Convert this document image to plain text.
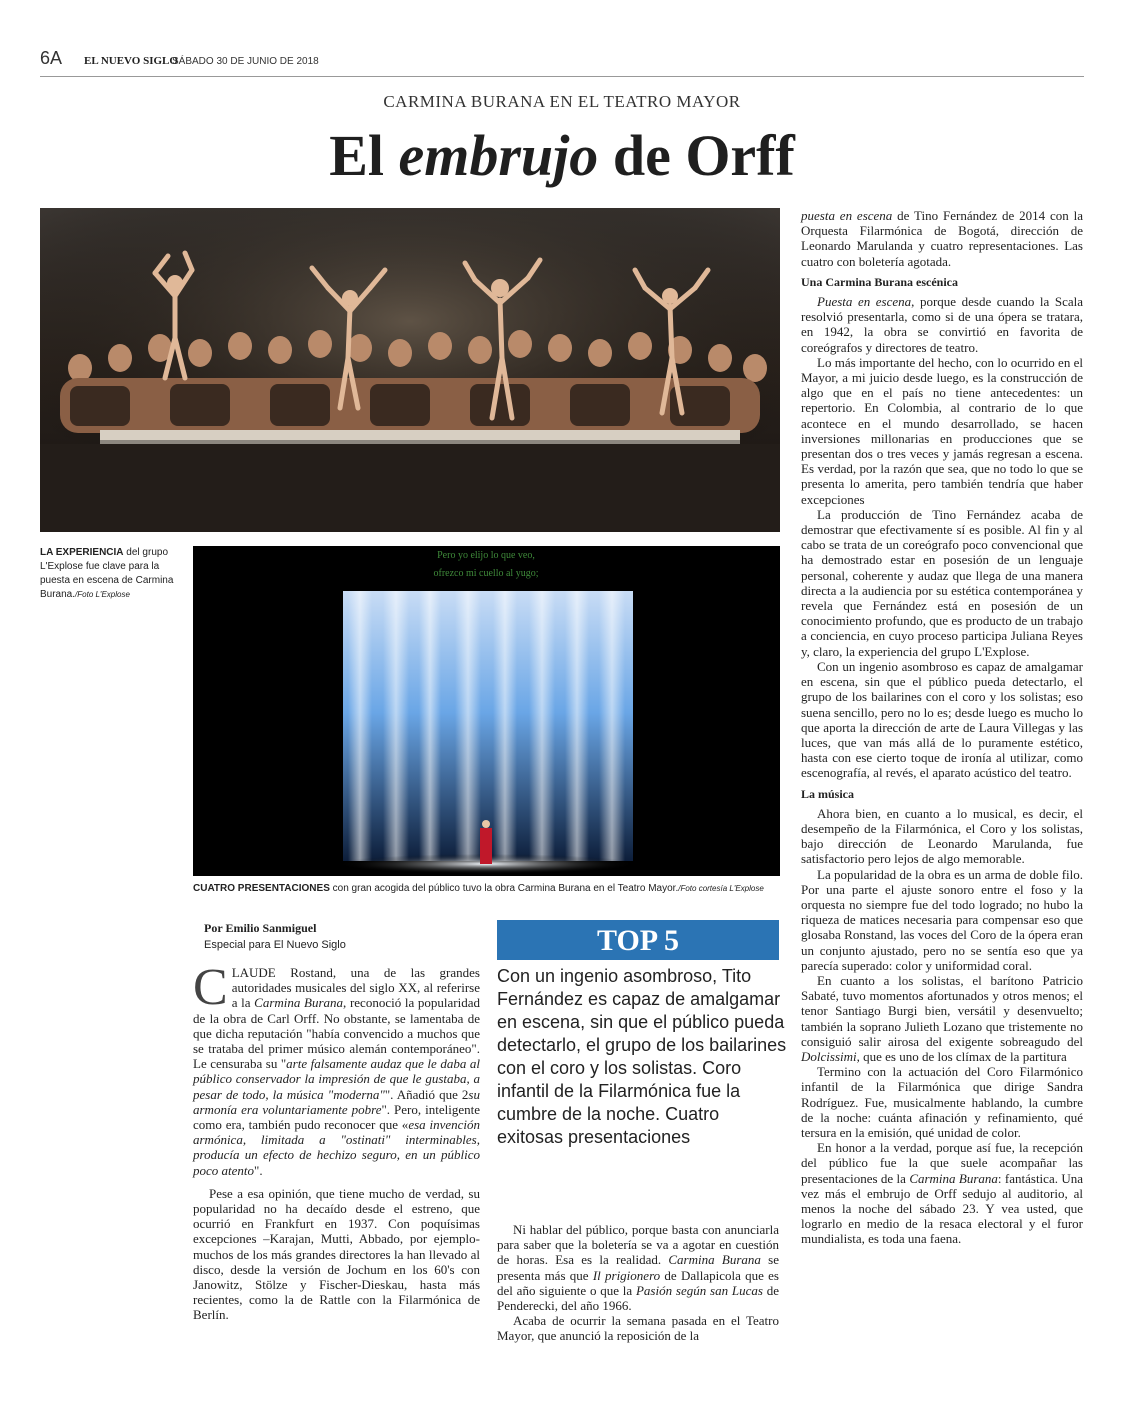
6A EL NUEVO SIGLO
SÁBADO 30 DE JUNIO DE 2018
CARMINA BURANA EN EL TEATRO MAYOR
El embrujo de Orff
LA EXPERIENCIA del grupo L'Explose fue clave para la puesta en escena de Carmina Burana./Foto L'Explose
Pero yo elijo lo que veo,
ofrezco mi cuello al yugo;
CUATRO PRESENTACIONES con gran acogida del público tuvo la obra Carmina Burana en el Teatro Mayor./Foto cortesía L'Explose
Por Emilio Sanmiguel
Especial para El Nuevo Siglo

CLAUDE Rostand, una de las grandes autoridades musicales del siglo XX, al referirse a la Carmina Burana, reconoció la popularidad de la obra de Carl Orff. No obstante, se lamentaba de que dicha reputación "había convencido a muchos que se trataba del primer músico alemán contemporáneo". Le censuraba su "arte falsamente audaz que le daba al público conservador la impresión de que le gustaba, a pesar de todo, la música "moderna"". Añadió que 2su armonía era voluntariamente pobre". Pero, inteligente como era, también pudo reconocer que «esa invención armónica, limitada a "ostinati" interminables, producía un efecto de hechizo seguro, en un público poco atento".

Pese a esa opinión, que tiene mucho de verdad, su popularidad no ha decaído desde el estreno, que ocurrió en Frankfurt en 1937. Con poquísimas excepciones –Karajan, Mutti, Abbado, por ejemplo- muchos de los más grandes directores la han llevado al disco, desde la versión de Jochum en los 60's con Janowitz, Stölze y Fischer-Dieskau, hasta más recientes, como la de Rattle con la Filarmónica de Berlín.

TOP 5
Con un ingenio asombroso, Tito Fernández es capaz de amalgamar en escena, sin que el público pueda detectarlo, el grupo de los bailarines con el coro y los solistas. Coro infantil de la Filarmónica fue la cumbre de la noche. Cuatro exitosas presentaciones

Ni hablar del público, porque basta con anunciarla para saber que la boletería se va a agotar en cuestión de horas. Esa es la realidad. Carmina Burana se presenta más que Il prigionero de Dallapicola que es del año siguiente o que la Pasión según san Lucas de Penderecki, del año 1966.

Acaba de ocurrir la semana pasada en el Teatro Mayor, que anunció la reposición de la

puesta en escena de Tino Fernández de 2014 con la Orquesta Filarmónica de Bogotá, dirección de Leonardo Marulanda y cuatro representaciones. Las cuatro con boletería agotada.

Una Carmina Burana escénica

Puesta en escena, porque desde cuando la Scala resolvió presentarla, como si de una ópera se tratara, en 1942, la obra se convirtió en favorita de coreógrafos y directores de teatro.

Lo más importante del hecho, con lo ocurrido en el Mayor, a mi juicio desde luego, es la construcción de algo que en el país no tiene antecedentes: un repertorio. En Colombia, al contrario de lo que acontece en el mundo desarrollado, se hacen inversiones millonarias en producciones que se presentan dos o tres veces y jamás regresan a escena. Es verdad, por la razón que sea, que no todo lo que se presenta lo amerita, pero también tendría que haber excepciones

La producción de Tino Fernández acaba de demostrar que efectivamente sí es posible. Al fin y al cabo se trata de un coreógrafo poco convencional que ha demostrado estar en posesión de un lenguaje personal, coherente y audaz que llega de una manera directa a la audiencia por su estética contemporánea y revela que Fernández está en posesión de un conocimiento profundo, que es producto de un trabajo a conciencia, en cuyo proceso participa Juliana Reyes y, claro, la experiencia del grupo L'Explose.

Con un ingenio asombroso es capaz de amalgamar en escena, sin que el público pueda detectarlo, el grupo de los bailarines con el coro y los solistas; eso suena sencillo, pero no lo es; desde luego es mucho lo que aporta la dirección de arte de Laura Villegas y las luces, que van más allá de lo puramente estético, hasta con ese cierto toque de ironía al utilizar, como escenografía, al revés, el aparato acústico del teatro.

La música

Ahora bien, en cuanto a lo musical, es decir, el desempeño de la Filarmónica, el Coro y los solistas, bajo dirección de Leonardo Marulanda, fue satisfactorio pero lejos de algo memorable.

La popularidad de la obra es un arma de doble filo. Por una parte el ajuste sonoro entre el foso y la orquesta no siempre fue del todo logrado; no hubo la riqueza de matices necesaria para compensar eso que glosaba Ronstand, las voces del Coro de la ópera eran un conjunto ajustado, pero no se sentía eso que ya parecía superado: color y uniformidad coral.

En cuanto a los solistas, el barítono Patricio Sabaté, tuvo momentos afortunados y otros menos; el tenor Santiago Burgi bien, versátil y desenvuelto; también la soprano Julieth Lozano que tristemente no consiguió salir airosa del exigente sobreagudo del Dolcissimi, que es uno de los clímax de la partitura

Termino con la actuación del Coro Filarmónico infantil de la Filarmónica que dirige Sandra Rodríguez. Fue, musicalmente hablando, la cumbre de la noche: cuánta afinación y refinamiento, qué tersura en la emisión, qué unidad de color.

En honor a la verdad, porque así fue, la recepción del público fue la que suele acompañar las presentaciones de la Carmina Burana: fantástica. Una vez más el embrujo de Orff sedujo al auditorio, al menos la noche del sábado 23. Y vea usted, que lograrlo en medio de la resaca electoral y el furor mundialista, es toda una faena.
